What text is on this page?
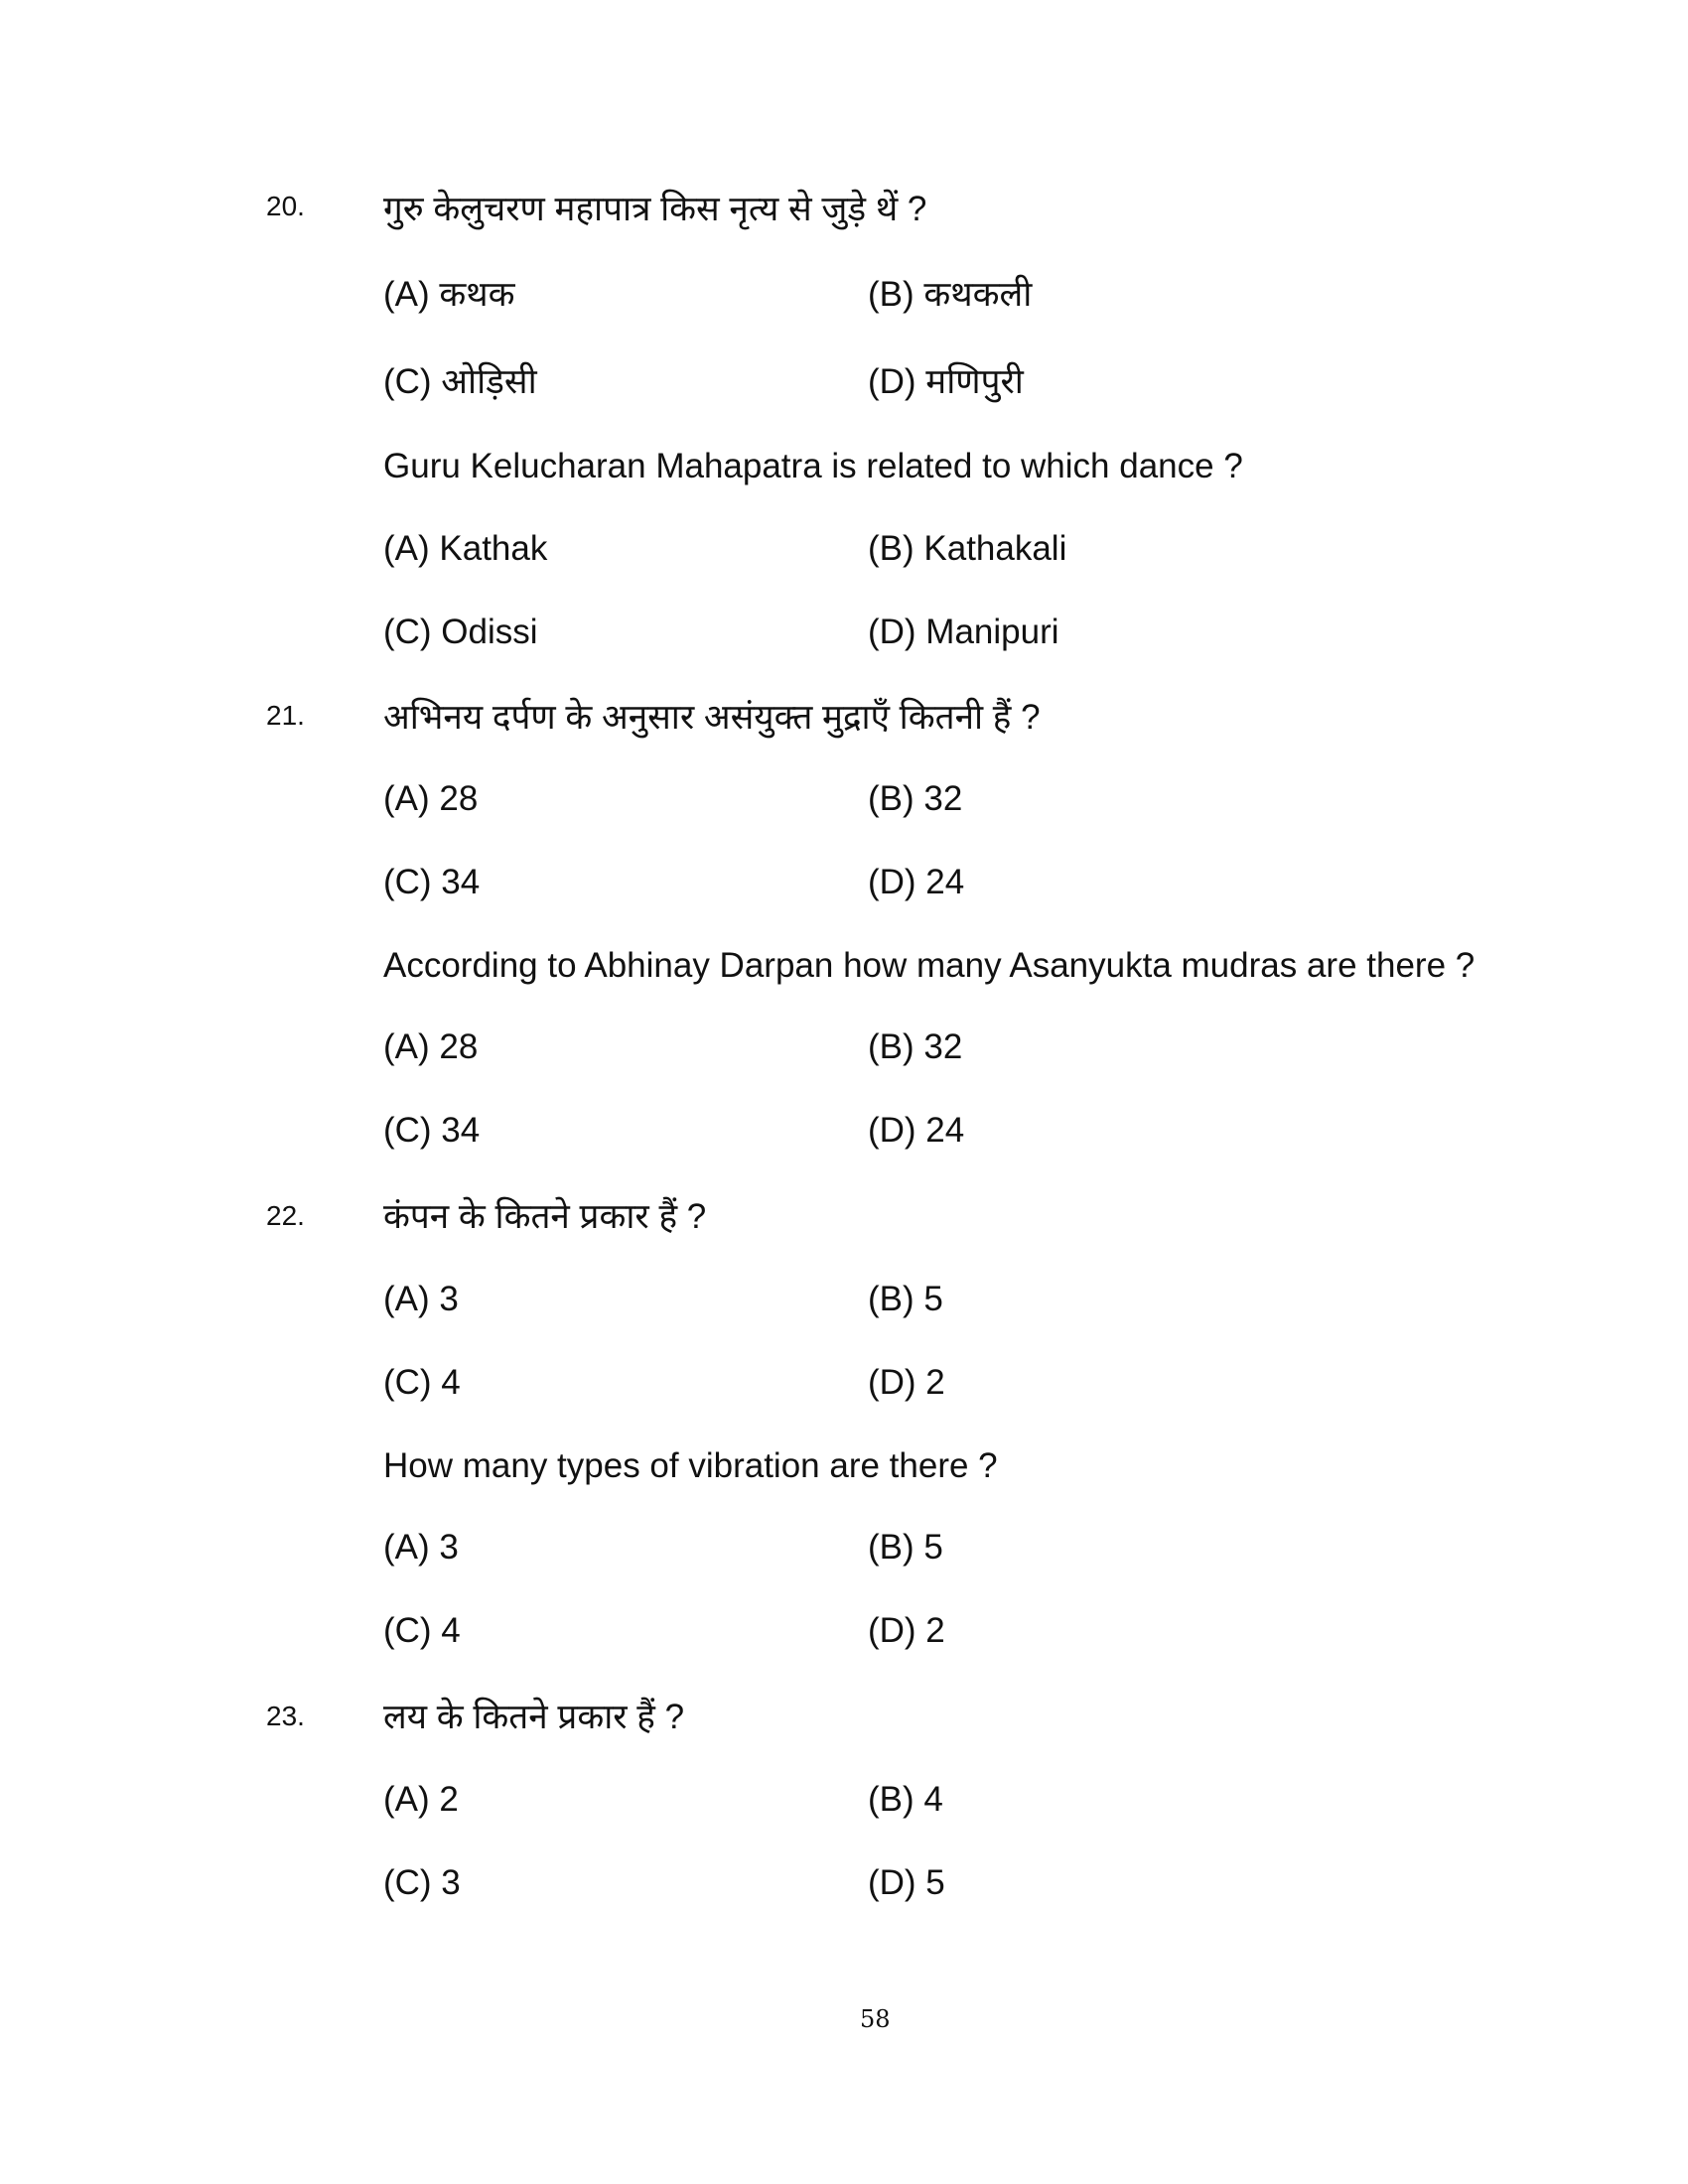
20. गुरु केलुचरण महापात्र किस नृत्य से जुड़े थें ?
(A) कथक	(B) कथकली
(C) ओड़िसी	(D) मणिपुरी
Guru Kelucharan Mahapatra is related to which dance ?
(A) Kathak	(B) Kathakali
(C) Odissi	(D) Manipuri
21. अभिनय दर्पण के अनुसार असंयुक्त मुद्राएँ कितनी हैं ?
(A) 28	(B) 32
(C) 34	(D) 24
According to Abhinay Darpan how many Asanyukta mudras are there ?
(A) 28	(B) 32
(C) 34	(D) 24
22. कंपन के कितने प्रकार हैं ?
(A) 3	(B) 5
(C) 4	(D) 2
How many types of vibration are there ?
(A) 3	(B) 5
(C) 4	(D) 2
23. लय के कितने प्रकार हैं ?
(A) 2	(B) 4
(C) 3	(D) 5
58
